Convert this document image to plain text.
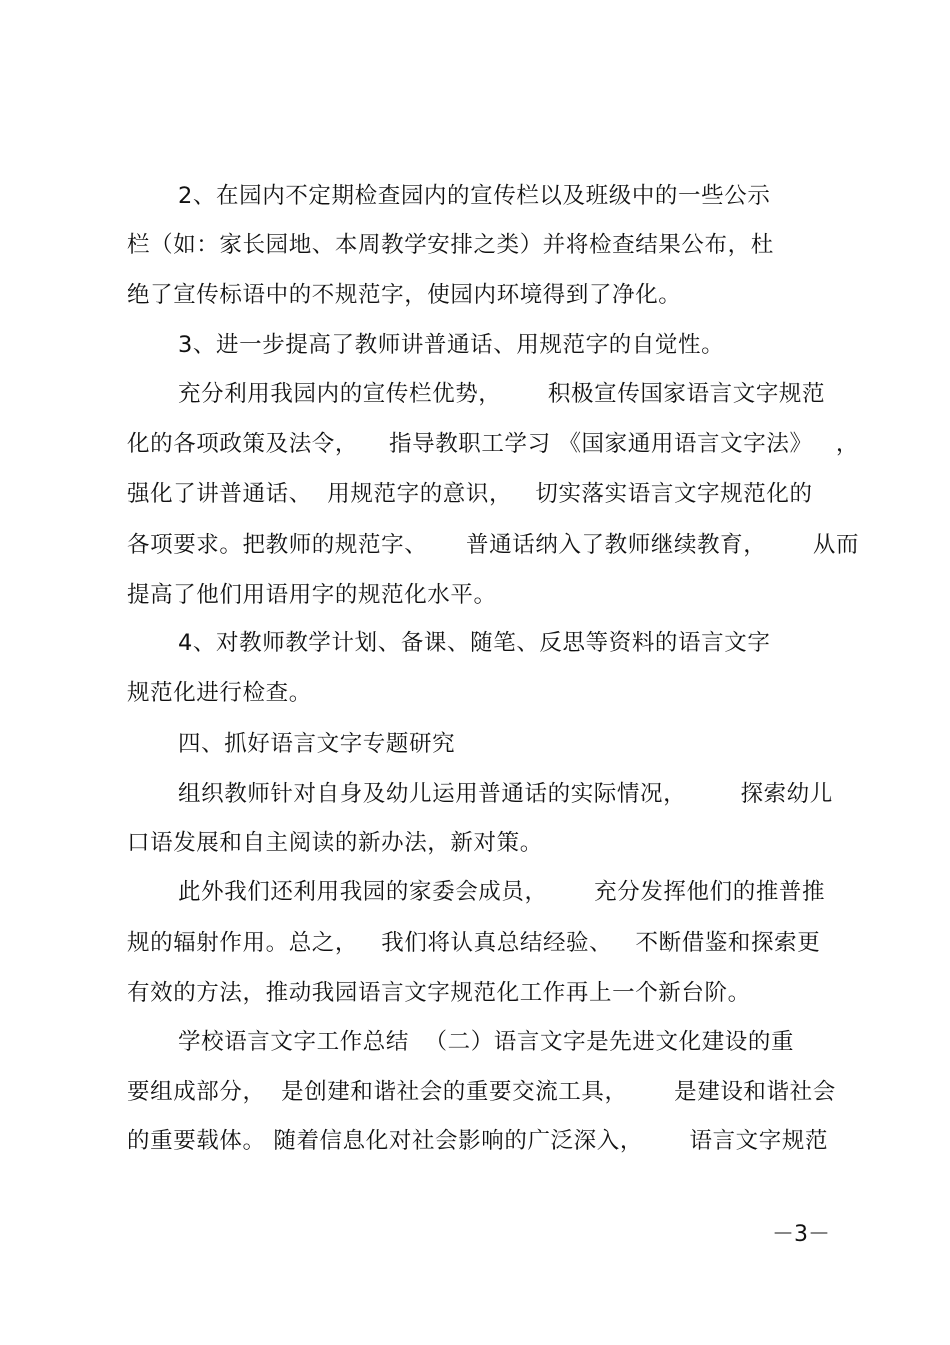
2、在园内不定期检查园内的宣传栏以及班级中的一些公示
栏（如：家长园地、本周教学安排之类）并将检查结果公布，杜
绝了宣传标语中的不规范字，使园内环境得到了净化。
3、进一步提高了教师讲普通话、用规范字的自觉性。
充分利用我园内的宣传栏优势，      积极宣传国家语言文字规范
化的各项政策及法令，    指导教职工学习 《国家通用语言文字法》   ，
强化了讲普通话、  用规范字的意识，   切实落实语言文字规范化的
各项要求。把教师的规范字、     普通话纳入了教师继续教育，      从而
提高了他们用语用字的规范化水平。
4、对教师教学计划、备课、随笔、反思等资料的语言文字
规范化进行检查。
四、抓好语言文字专题研究
组织教师针对自身及幼儿运用普通话的实际情况，       探索幼儿
口语发展和自主阅读的新办法，新对策。
此外我们还利用我园的家委会成员，      充分发挥他们的推普推
规的辐射作用。总之，   我们将认真总结经验、   不断借鉴和探索更
有效的方法，推动我园语言文字规范化工作再上一个新台阶。
学校语言文字工作总结  （二）语言文字是先进文化建设的重
要组成部分，  是创建和谐社会的重要交流工具，      是建设和谐社会
的重要载体。 随着信息化对社会影响的广泛深入，      语言文字规范
－3－
